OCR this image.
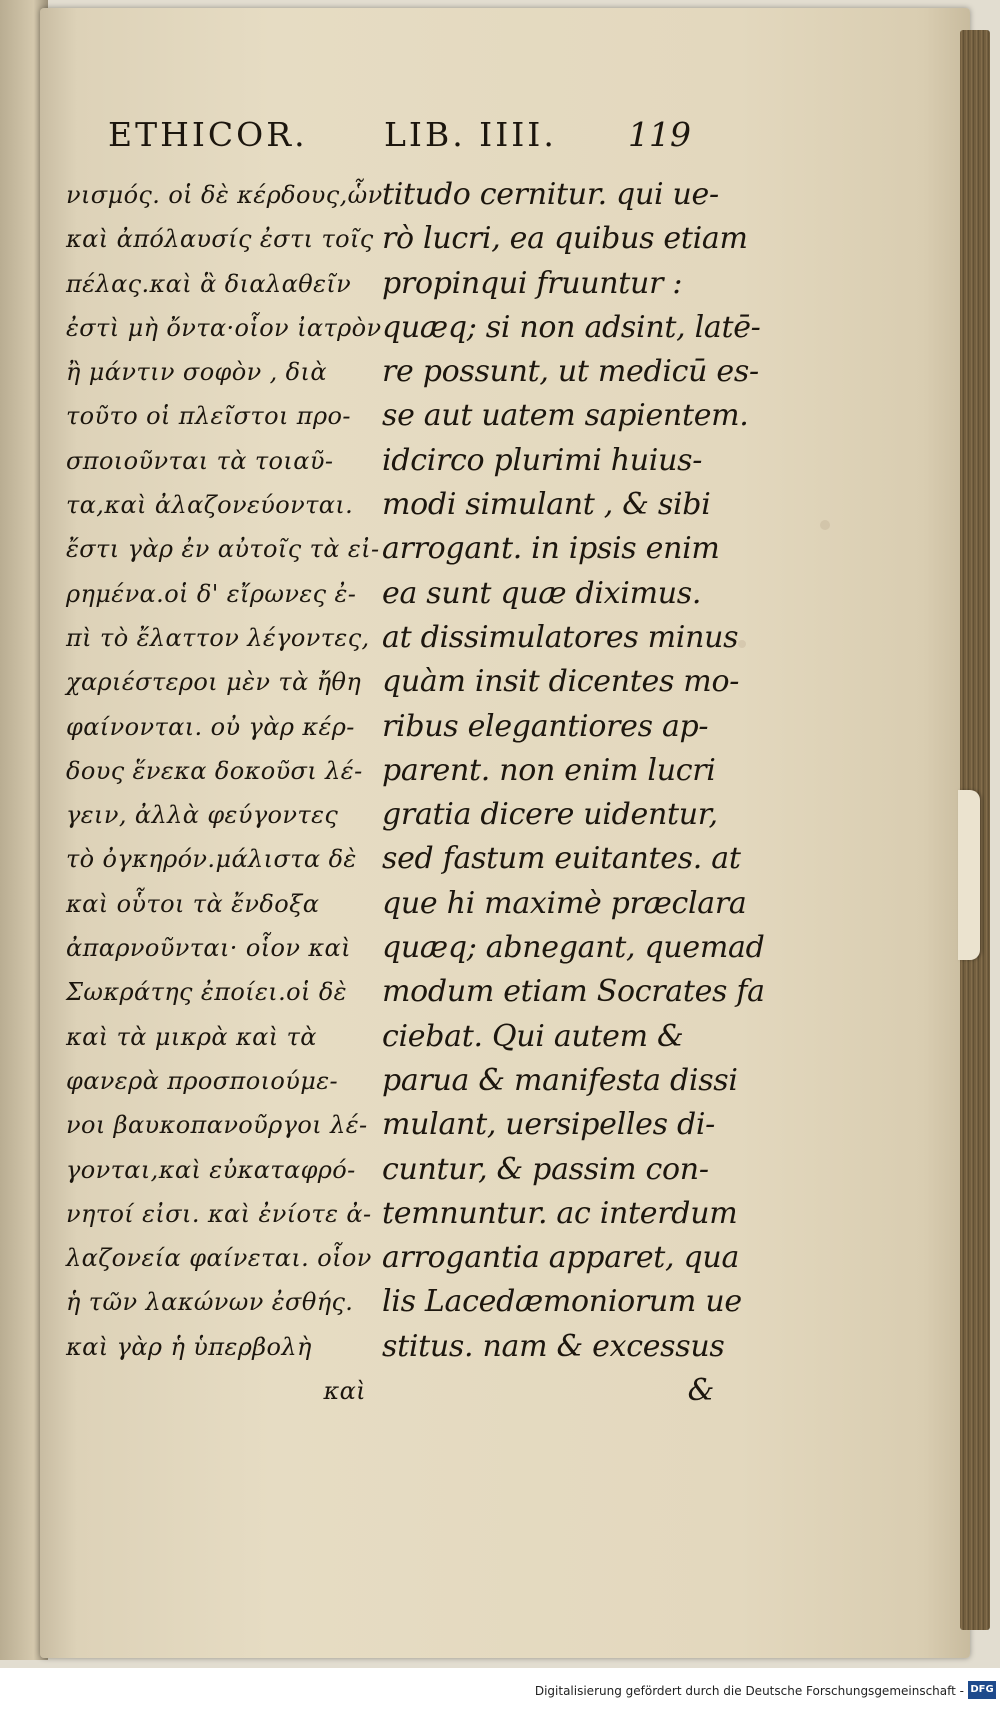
ETHICOR. LIB. IIII. 119
νισμός. οἱ δὲ κέρδους,ὧν
καὶ ἀπόλαυσίς ἐστι τοῖς
πέλας.καὶ ἃ διαλαθεῖν
ἐστὶ μὴ ὄντα·οἷον ἰατρὸν
ἢ μάντιν σοφὸν , διὰ
τοῦτο οἱ πλεῖστοι προ-
σποιοῦνται τὰ τοιαῦ-
τα,καὶ ἀλαζονεύονται.
ἔστι γὰρ ἐν αὐτοῖς τὰ εἰ-
ρημένα.οἱ δ' εἴρωνες ἐ-
πὶ τὸ ἔλαττον λέγοντες,
χαριέστεροι μὲν τὰ ἤθη
φαίνονται. οὐ γὰρ κέρ-
δους ἕνεκα δοκοῦσι λέ-
γειν, ἀλλὰ φεύγοντες
τὸ ὀγκηρόν.μάλιστα δὲ
καὶ οὗτοι τὰ ἔνδοξα
ἀπαρνοῦνται· οἷον καὶ
Σωκράτης ἐποίει.οἱ δὲ
καὶ τὰ μικρὰ καὶ τὰ
φανερὰ προσποιούμε-
νοι βαυκοπανοῦργοι λέ-
γονται,καὶ εὐκαταφρό-
νητοί εἰσι. καὶ ἐνίοτε ἀ-
λαζονεία φαίνεται. οἷον
ἡ τῶν λακώνων ἐσθής.
καὶ γὰρ ἡ ὑπερβολὴ
καὶ
titudo cernitur. qui ue-
rò lucri, ea quibus etiam
propinqui fruuntur :
quæq; si non adsint, latē-
re possunt, ut medicū es-
se aut uatem sapientem.
idcirco plurimi huius-
modi simulant , & sibi
arrogant. in ipsis enim
ea sunt quæ diximus.
at dissimulatores minus
quàm insit dicentes mo-
ribus elegantiores ap-
parent. non enim lucri
gratia dicere uidentur,
sed fastum euitantes. at
que hi maximè præclara
quæq; abnegant, quemad
modum etiam Socrates fa
ciebat. Qui autem &
parua & manifesta dissi
mulant, uersipelles di-
cuntur, & passim con-
temnuntur. ac interdum
arrogantia apparet, qua
lis Lacedæmoniorum ue
stitus. nam & excessus
&
Digitalisierung gefördert durch die Deutsche Forschungsgemeinschaft - DFG
